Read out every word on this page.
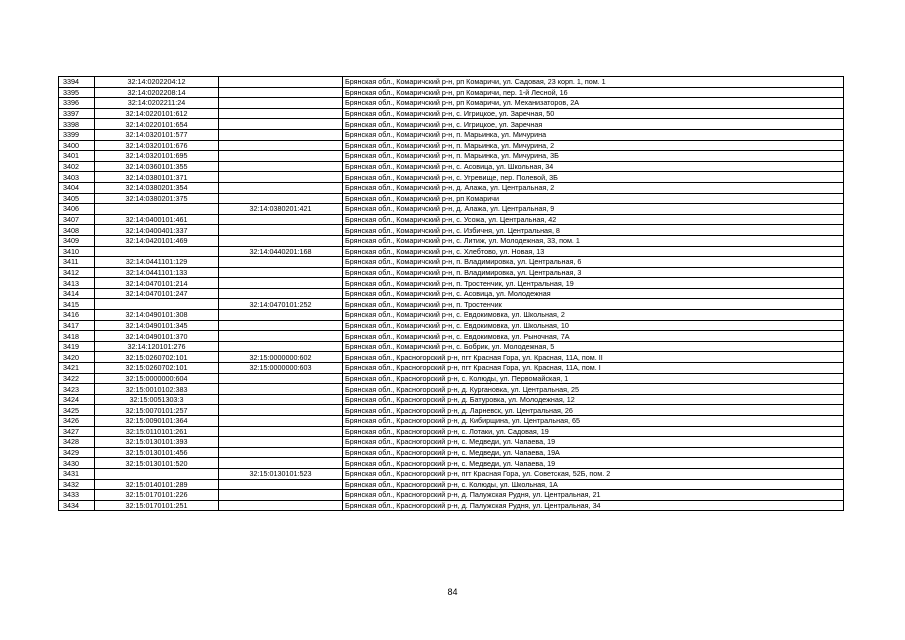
3394	32:14:0202204:12		Брянская обл., Комаричский р-н, рп Комаричи, ул. Садовая, 23 корп. 1, пом. 1
3395	32:14:0202208:14		Брянская обл., Комаричский р-н, рп Комаричи, пер. 1-й Лесной, 16
3396	32:14:0202211:24		Брянская обл., Комаричский р-н, рп Комаричи, ул. Механизаторов, 2А
3397	32:14:0220101:612		Брянская обл., Комаричский р-н, с. Игрицкое, ул. Заречная, 50
3398	32:14:0220101:654		Брянская обл., Комаричский р-н, с. Игрицкое, ул. Заречная
3399	32:14:0320101:577		Брянская обл., Комаричский р-н, п. Марьинка, ул. Мичурина
3400	32:14:0320101:676		Брянская обл., Комаричский р-н, п. Марьинка, ул. Мичурина, 2
3401	32:14:0320101:695		Брянская обл., Комаричский р-н, п. Марьинка, ул. Мичурина, 3Б
3402	32:14:0360101:355		Брянская обл., Комаричский р-н, с. Асовица, ул. Школьная, 34
3403	32:14:0380101:371		Брянская обл., Комаричский р-н, с. Угревище, пер. Полевой, 3Б
3404	32:14:0380201:354		Брянская обл., Комаричский р-н, д. Алажа, ул. Центральная, 2
3405	32:14:0380201:375		Брянская обл., Комаричский р-н, рп Комаричи
3406		32:14:0380201:421	Брянская обл., Комаричский р-н, д. Алажа, ул. Центральная, 9
3407	32:14:0400101:461		Брянская обл., Комаричский р-н, с. Усожа, ул. Центральная, 42
3408	32:14:0400401:337		Брянская обл., Комаричский р-н, с. Избичня, ул. Центральная, 8
3409	32:14:0420101:469		Брянская обл., Комаричский р-н, с. Литиж, ул. Молодежная, 33, пом. 1
3410		32:14:0440201:168	Брянская обл., Комаричский р-н, с. Хлебтово, ул. Новая, 13
3411	32:14:0441101:129		Брянская обл., Комаричский р-н, п. Владимировка, ул. Центральная, 6
3412	32:14:0441101:133		Брянская обл., Комаричский р-н, п. Владимировка, ул. Центральная, 3
3413	32:14:0470101:214		Брянская обл., Комаричский р-н, п. Тростенчик, ул. Центральная, 19
3414	32:14:0470101:247		Брянская обл., Комаричский р-н, с. Асовица, ул. Молодежная
3415		32:14:0470101:252	Брянская обл., Комаричский р-н, п. Тростенчик
3416	32:14:0490101:308		Брянская обл., Комаричский р-н, с. Евдокимовка, ул. Школьная, 2
3417	32:14:0490101:345		Брянская обл., Комаричский р-н, с. Евдокимовка, ул. Школьная, 10
3418	32:14:0490101:370		Брянская обл., Комаричский р-н, с. Евдокимовка, ул. Рыночная, 7А
3419	32:14:120101:276		Брянская обл., Комаричский р-н, с. Бобрик, ул. Молодежная, 5
3420	32:15:0260702:101	32:15:0000000:602	Брянская обл., Красногорский р-н, пгт Красная Гора, ул. Красная, 11А, пом. II
3421	32:15:0260702:101	32:15:0000000:603	Брянская обл., Красногорский р-н, пгт Красная Гора, ул. Красная, 11А, пом. I
3422	32:15:0000000:604		Брянская обл., Красногорский р-н, с. Колюды, ул. Первомайская, 1
3423	32:15:0010102:383		Брянская обл., Красногорский р-н, д. Кургановка, ул. Центральная, 25
3424	32:15:0051303:3		Брянская обл., Красногорский р-н, д. Батуровка, ул. Молодежная, 12
3425	32:15:0070101:257		Брянская обл., Красногорский р-н, д. Ларневск, ул. Центральная, 26
3426	32:15:0090101:364		Брянская обл., Красногорский р-н, д. Кибирщина, ул. Центральная, 65
3427	32:15:0110101:261		Брянская обл., Красногорский р-н, с. Лотаки, ул. Садовая, 19
3428	32:15:0130101:393		Брянская обл., Красногорский р-н, с. Медведи, ул. Чапаева, 19
3429	32:15:0130101:456		Брянская обл., Красногорский р-н, с. Медведи, ул. Чапаева, 19А
3430	32:15:0130101:520		Брянская обл., Красногорский р-н, с. Медведи, ул. Чапаева, 19
3431		32:15:0130101:523	Брянская обл., Красногорский р-н, пгт Красная Гора, ул. Советская, 52Б, пом. 2
3432	32:15:0140101:289		Брянская обл., Красногорский р-н, с. Колюды, ул. Школьная, 1А
3433	32:15:0170101:226		Брянская обл., Красногорский р-н, д. Палужская Рудня, ул. Центральная, 21
3434	32:15:0170101:251		Брянская обл., Красногорский р-н, д. Палужская Рудня, ул. Центральная, 34
84
